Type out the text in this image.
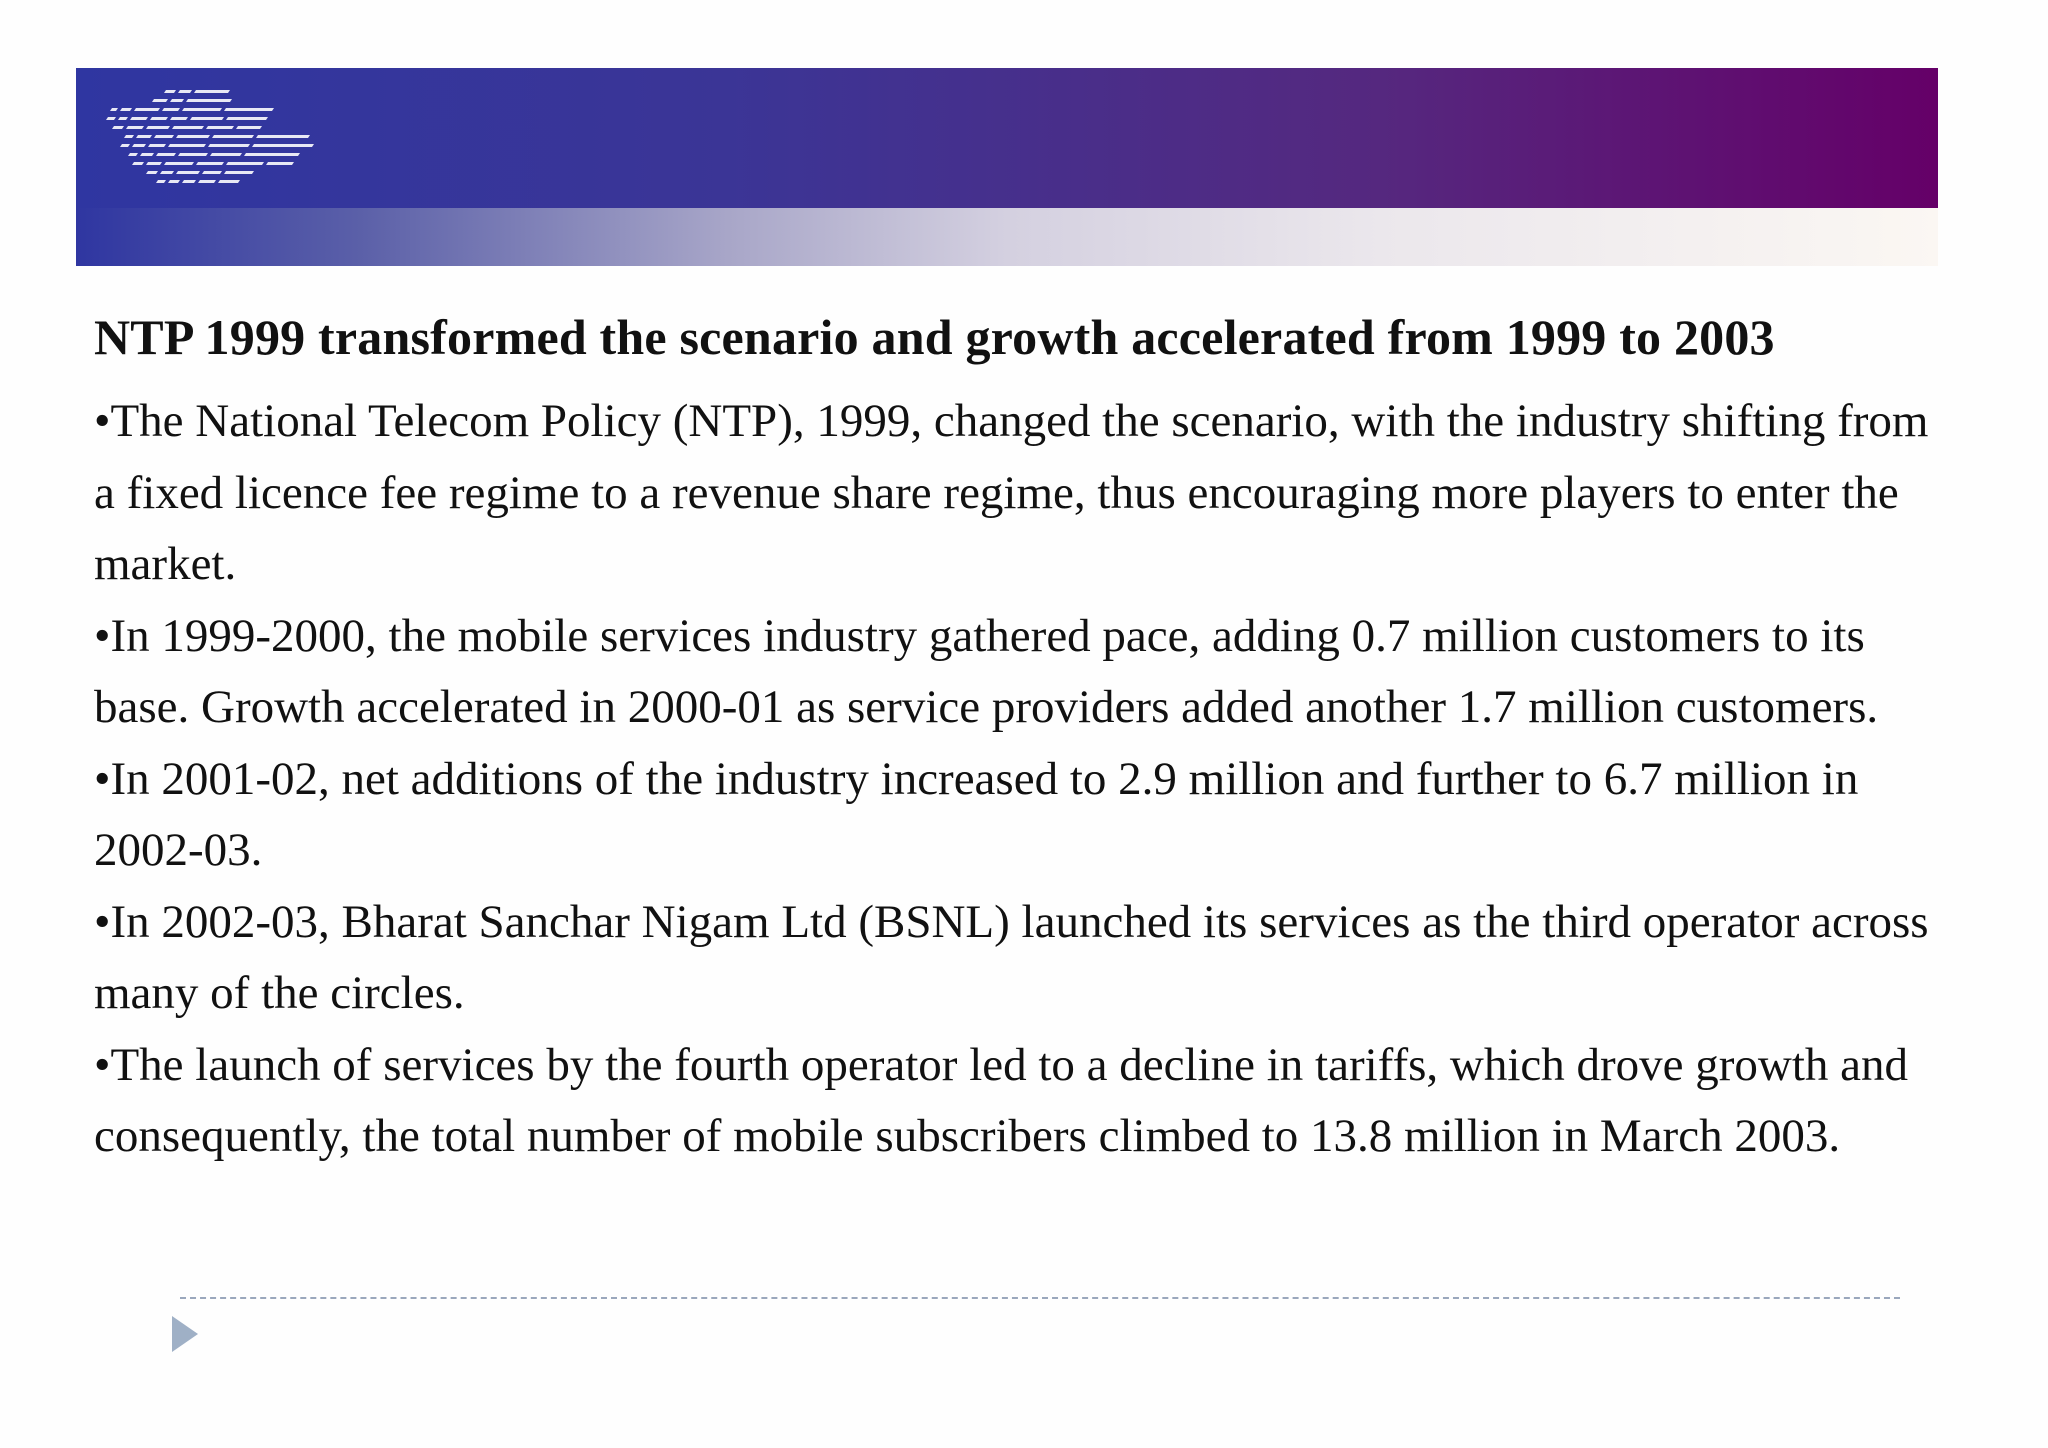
NTP 1999 transformed the scenario and growth accelerated from 1999 to 2003
•The National Telecom Policy (NTP), 1999, changed the scenario, with the industry shifting from a fixed licence fee regime to a revenue share regime, thus encouraging more players to enter the market.
•In 1999-2000, the mobile services industry gathered pace, adding 0.7 million customers to its base. Growth accelerated in 2000-01 as service providers added another 1.7 million customers.
•In 2001-02, net additions of the industry increased to 2.9 million and further to 6.7 million in 2002-03.
•In 2002-03, Bharat Sanchar Nigam Ltd (BSNL) launched its services as the third operator across many of the circles.
•The launch of services by the fourth operator led to a decline in tariffs, which drove growth and consequently, the total number of mobile subscribers climbed to 13.8 million in March 2003.
